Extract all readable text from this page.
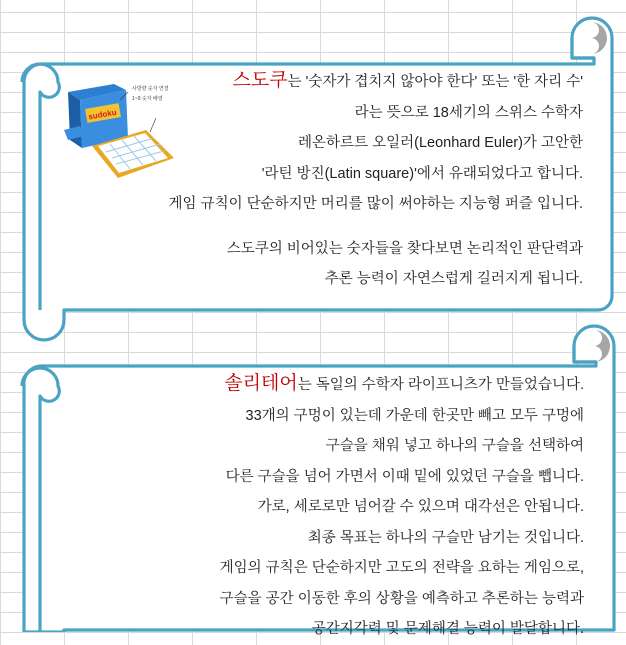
sudoku
사방향 숫자 연결
1~9 숫자 배열
스도쿠는 '숫자가 겹치지 않아야 한다' 또는 '한 자리 수'
라는 뜻으로 18세기의 스위스 수학자
레온하르트 오일러(Leonhard Euler)가 고안한
'라틴 방진(Latin square)'에서 유래되었다고 합니다.
게임 규칙이 단순하지만 머리를 많이 써야하는 지능형 퍼즐 입니다.
스도쿠의 비어있는 숫자들을 찾다보면 논리적인 판단력과
추론 능력이 자연스럽게 길러지게 됩니다.
솔리테어는 독일의 수학자 라이프니츠가 만들었습니다.
33개의 구멍이 있는데 가운데 한곳만 빼고 모두 구멍에
구슬을 채워 넣고 하나의 구슬을 선택하여
다른 구슬을 넘어 가면서 이때 밑에 있었던 구슬을 뺍니다.
가로, 세로로만 넘어갈 수 있으며 대각선은 안됩니다.
최종 목표는 하나의 구슬만 남기는 것입니다.
게임의 규칙은 단순하지만 고도의 전략을 요하는 게임으로,
구슬을 공간 이동한 후의 상황을 예측하고 추론하는 능력과
공간지각력 및 문제해결 능력이 발달합니다.
